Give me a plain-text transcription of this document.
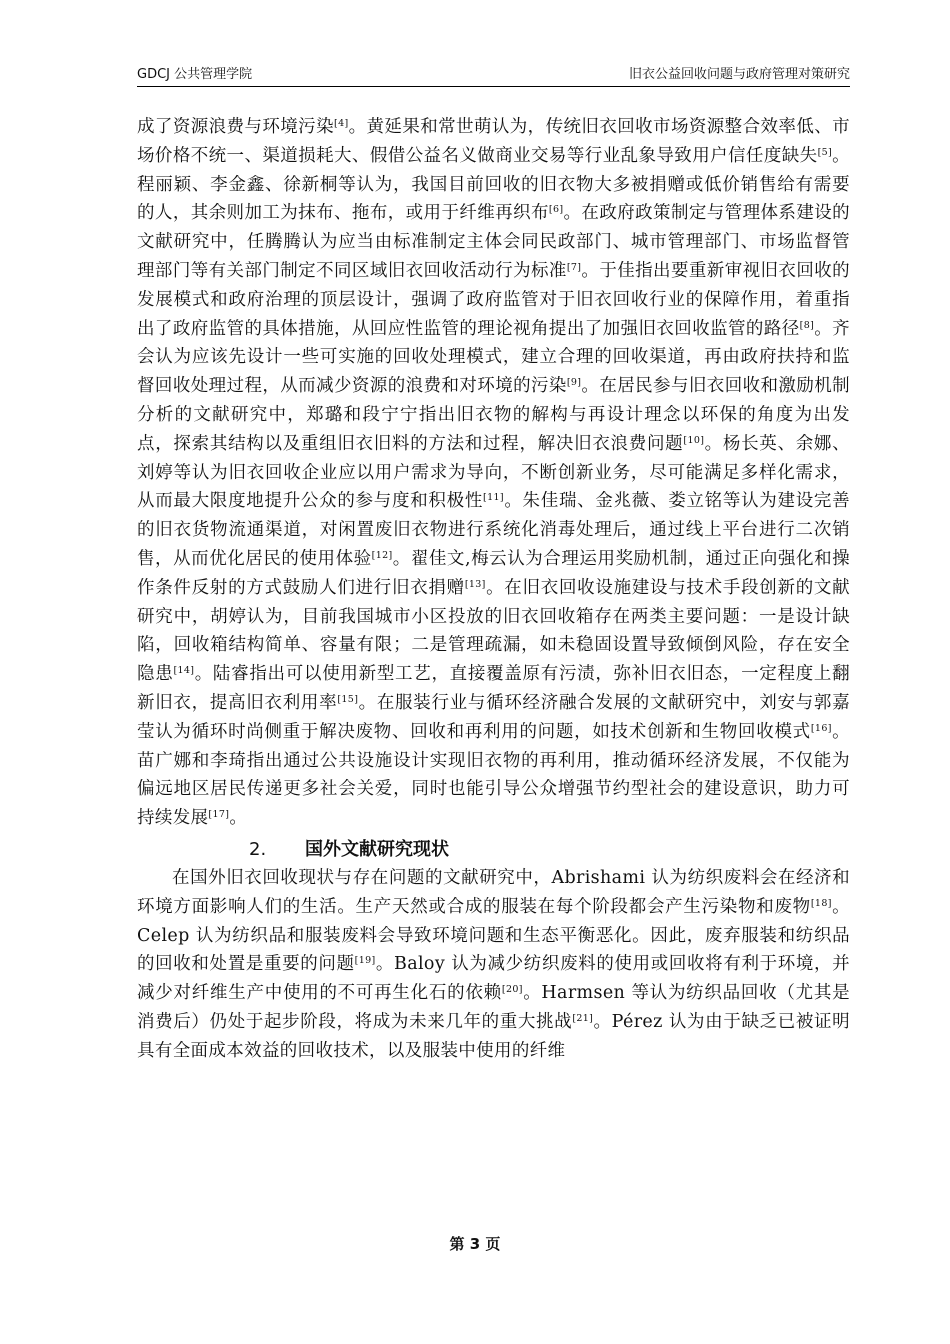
GDCJ 公共管理学院	旧衣公益回收问题与政府管理对策研究

成了资源浪费与环境污染[4]。黄延果和常世萌认为，传统旧衣回收市场资源整合效率低、市场价格不统一、渠道损耗大、假借公益名义做商业交易等行业乱象导致用户信任度缺失[5]。程丽颖、李金鑫、徐新桐等认为，我国目前回收的旧衣物大多被捐赠或低价销售给有需要的人，其余则加工为抹布、拖布，或用于纤维再织布[6]。在政府政策制定与管理体系建设的文献研究中，任腾腾认为应当由标准制定主体会同民政部门、城市管理部门、市场监督管理部门等有关部门制定不同区域旧衣回收活动行为标准[7]。于佳指出要重新审视旧衣回收的发展模式和政府治理的顶层设计，强调了政府监管对于旧衣回收行业的保障作用，着重指出了政府监管的具体措施，从回应性监管的理论视角提出了加强旧衣回收监管的路径[8]。齐会认为应该先设计一些可实施的回收处理模式，建立合理的回收渠道，再由政府扶持和监督回收处理过程，从而减少资源的浪费和对环境的污染[9]。在居民参与旧衣回收和激励机制分析的文献研究中，郑璐和段宁宁指出旧衣物的解构与再设计理念以环保的角度为出发点，探索其结构以及重组旧衣旧料的方法和过程，解决旧衣浪费问题[10]。杨长英、余娜、刘婷等认为旧衣回收企业应以用户需求为导向，不断创新业务，尽可能满足多样化需求，从而最大限度地提升公众的参与度和积极性[11]。朱佳瑞、金兆薇、娄立铭等认为建设完善的旧衣货物流通渠道，对闲置废旧衣物进行系统化消毒处理后，通过线上平台进行二次销售，从而优化居民的使用体验[12]。翟佳文,梅云认为合理运用奖励机制，通过正向强化和操作条件反射的方式鼓励人们进行旧衣捐赠[13]。在旧衣回收设施建设与技术手段创新的文献研究中，胡婷认为，目前我国城市小区投放的旧衣回收箱存在两类主要问题：一是设计缺陷，回收箱结构简单、容量有限；二是管理疏漏，如未稳固设置导致倾倒风险，存在安全隐患[14]。陆睿指出可以使用新型工艺，直接覆盖原有污渍，弥补旧衣旧态，一定程度上翻新旧衣，提高旧衣利用率[15]。在服装行业与循环经济融合发展的文献研究中，刘安与郭嘉莹认为循环时尚侧重于解决废物、回收和再利用的问题，如技术创新和生物回收模式[16]。苗广娜和李琦指出通过公共设施设计实现旧衣物的再利用，推动循环经济发展，不仅能为偏远地区居民传递更多社会关爱，同时也能引导公众增强节约型社会的建设意识，助力可持续发展[17]。

2. 国外文献研究现状

在国外旧衣回收现状与存在问题的文献研究中，Abrishami 认为纺织废料会在经济和环境方面影响人们的生活。生产天然或合成的服装在每个阶段都会产生污染物和废物[18]。Celep 认为纺织品和服装废料会导致环境问题和生态平衡恶化。因此，废弃服装和纺织品的回收和处置是重要的问题[19]。Baloy 认为减少纺织废料的使用或回收将有利于环境，并减少对纤维生产中使用的不可再生化石的依赖[20]。Harmsen 等认为纺织品回收（尤其是消费后）仍处于起步阶段，将成为未来几年的重大挑战[21]。Pérez 认为由于缺乏已被证明具有全面成本效益的回收技术，以及服装中使用的纤维

第 3 页
